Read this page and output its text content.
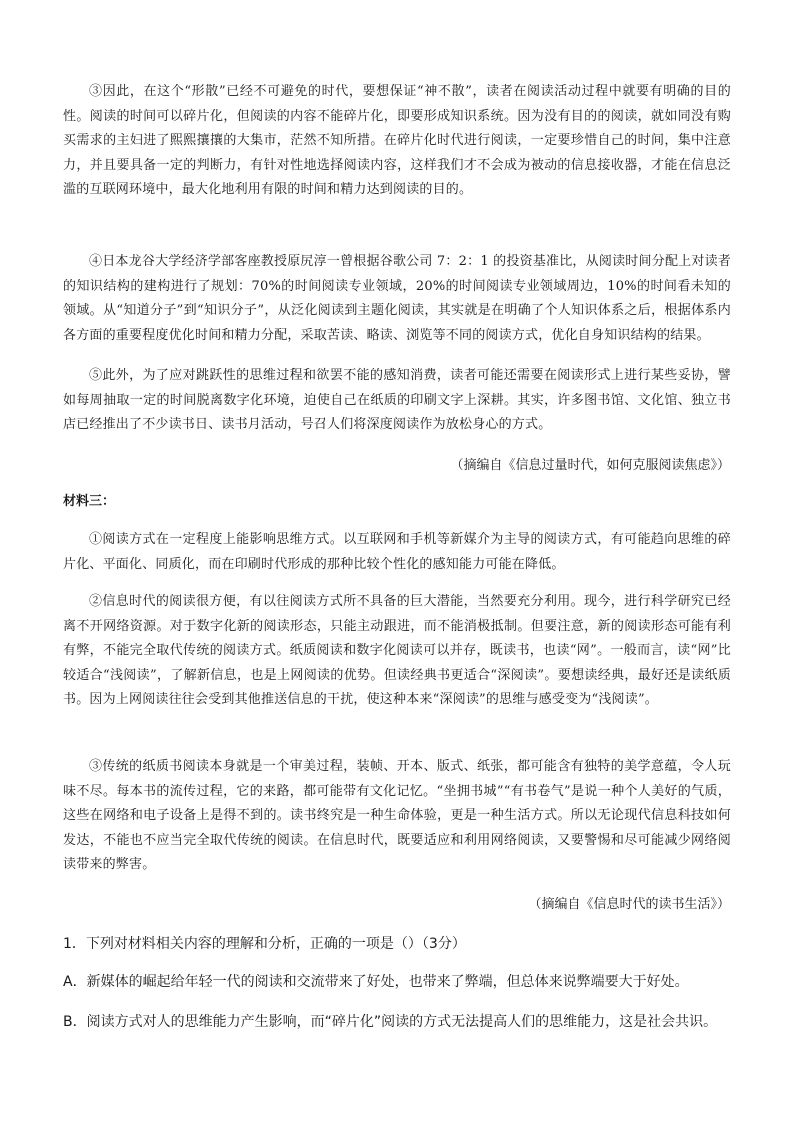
③因此，在这个“形散”已经不可避免的时代，要想保证“神不散”，读者在阅读活动过程中就要有明确的目的性。阅读的时间可以碎片化，但阅读的内容不能碎片化，即要形成知识系统。因为没有目的的阅读，就如同没有购买需求的主妇进了熙熙攘攘的大集市，茫然不知所措。在碎片化时代进行阅读，一定要珍惜自己的时间，集中注意力，并且要具备一定的判断力，有针对性地选择阅读内容，这样我们才不会成为被动的信息接收器，才能在信息泛滥的互联网环境中，最大化地利用有限的时间和精力达到阅读的目的。

④日本龙谷大学经济学部客座教授原尻淳一曾根据谷歌公司 7：2：1 的投资基准比，从阅读时间分配上对读者的知识结构的建构进行了规划：70%的时间阅读专业领域，20%的时间阅读专业领域周边，10%的时间看未知的领域。从“知道分子”到“知识分子”，从泛化阅读到主题化阅读，其实就是在明确了个人知识体系之后，根据体系内各方面的重要程度优化时间和精力分配，采取苦读、略读、浏览等不同的阅读方式，优化自身知识结构的结果。

⑤此外，为了应对跳跃性的思维过程和欲罢不能的感知消费，读者可能还需要在阅读形式上进行某些妥协，譬如每周抽取一定的时间脱离数字化环境，迫使自己在纸质的印刷文字上深耕。其实，许多图书馆、文化馆、独立书店已经推出了不少读书日、读书月活动，号召人们将深度阅读作为放松身心的方式。

（摘编自《信息过量时代，如何克服阅读焦虑》）
材料三：

①阅读方式在一定程度上能影响思维方式。以互联网和手机等新媒介为主导的阅读方式，有可能趋向思维的碎片化、平面化、同质化，而在印刷时代形成的那种比较个性化的感知能力可能在降低。

②信息时代的阅读很方便，有以往阅读方式所不具备的巨大潜能，当然要充分利用。现今，进行科学研究已经离不开网络资源。对于数字化新的阅读形态，只能主动跟进，而不能消极抵制。但要注意，新的阅读形态可能有利有弊，不能完全取代传统的阅读方式。纸质阅读和数字化阅读可以并存，既读书，也读“网”。一般而言，读“网”比较适合“浅阅读”，了解新信息，也是上网阅读的优势。但读经典书更适合“深阅读”。要想读经典，最好还是读纸质书。因为上网阅读往往会受到其他推送信息的干扰，使这种本来“深阅读”的思维与感受变为“浅阅读”。

③传统的纸质书阅读本身就是一个审美过程，装帧、开本、版式、纸张，都可能含有独特的美学意蕴，令人玩味不尽。每本书的流传过程，它的来路，都可能带有文化记忆。“坐拥书城”“有书卷气”是说一种个人美好的气质，这些在网络和电子设备上是得不到的。读书终究是一种生命体验，更是一种生活方式。所以无论现代信息科技如何发达，不能也不应当完全取代传统的阅读。在信息时代，既要适应和利用网络阅读，又要警惕和尽可能减少网络阅读带来的弊害。

（摘编自《信息时代的读书生活》）
1．下列对材料相关内容的理解和分析，正确的一项是（）（3分）
A．新媒体的崛起给年轻一代的阅读和交流带来了好处，也带来了弊端，但总体来说弊端要大于好处。
B．阅读方式对人的思维能力产生影响，而“碎片化”阅读的方式无法提高人们的思维能力，这是社会共识。
